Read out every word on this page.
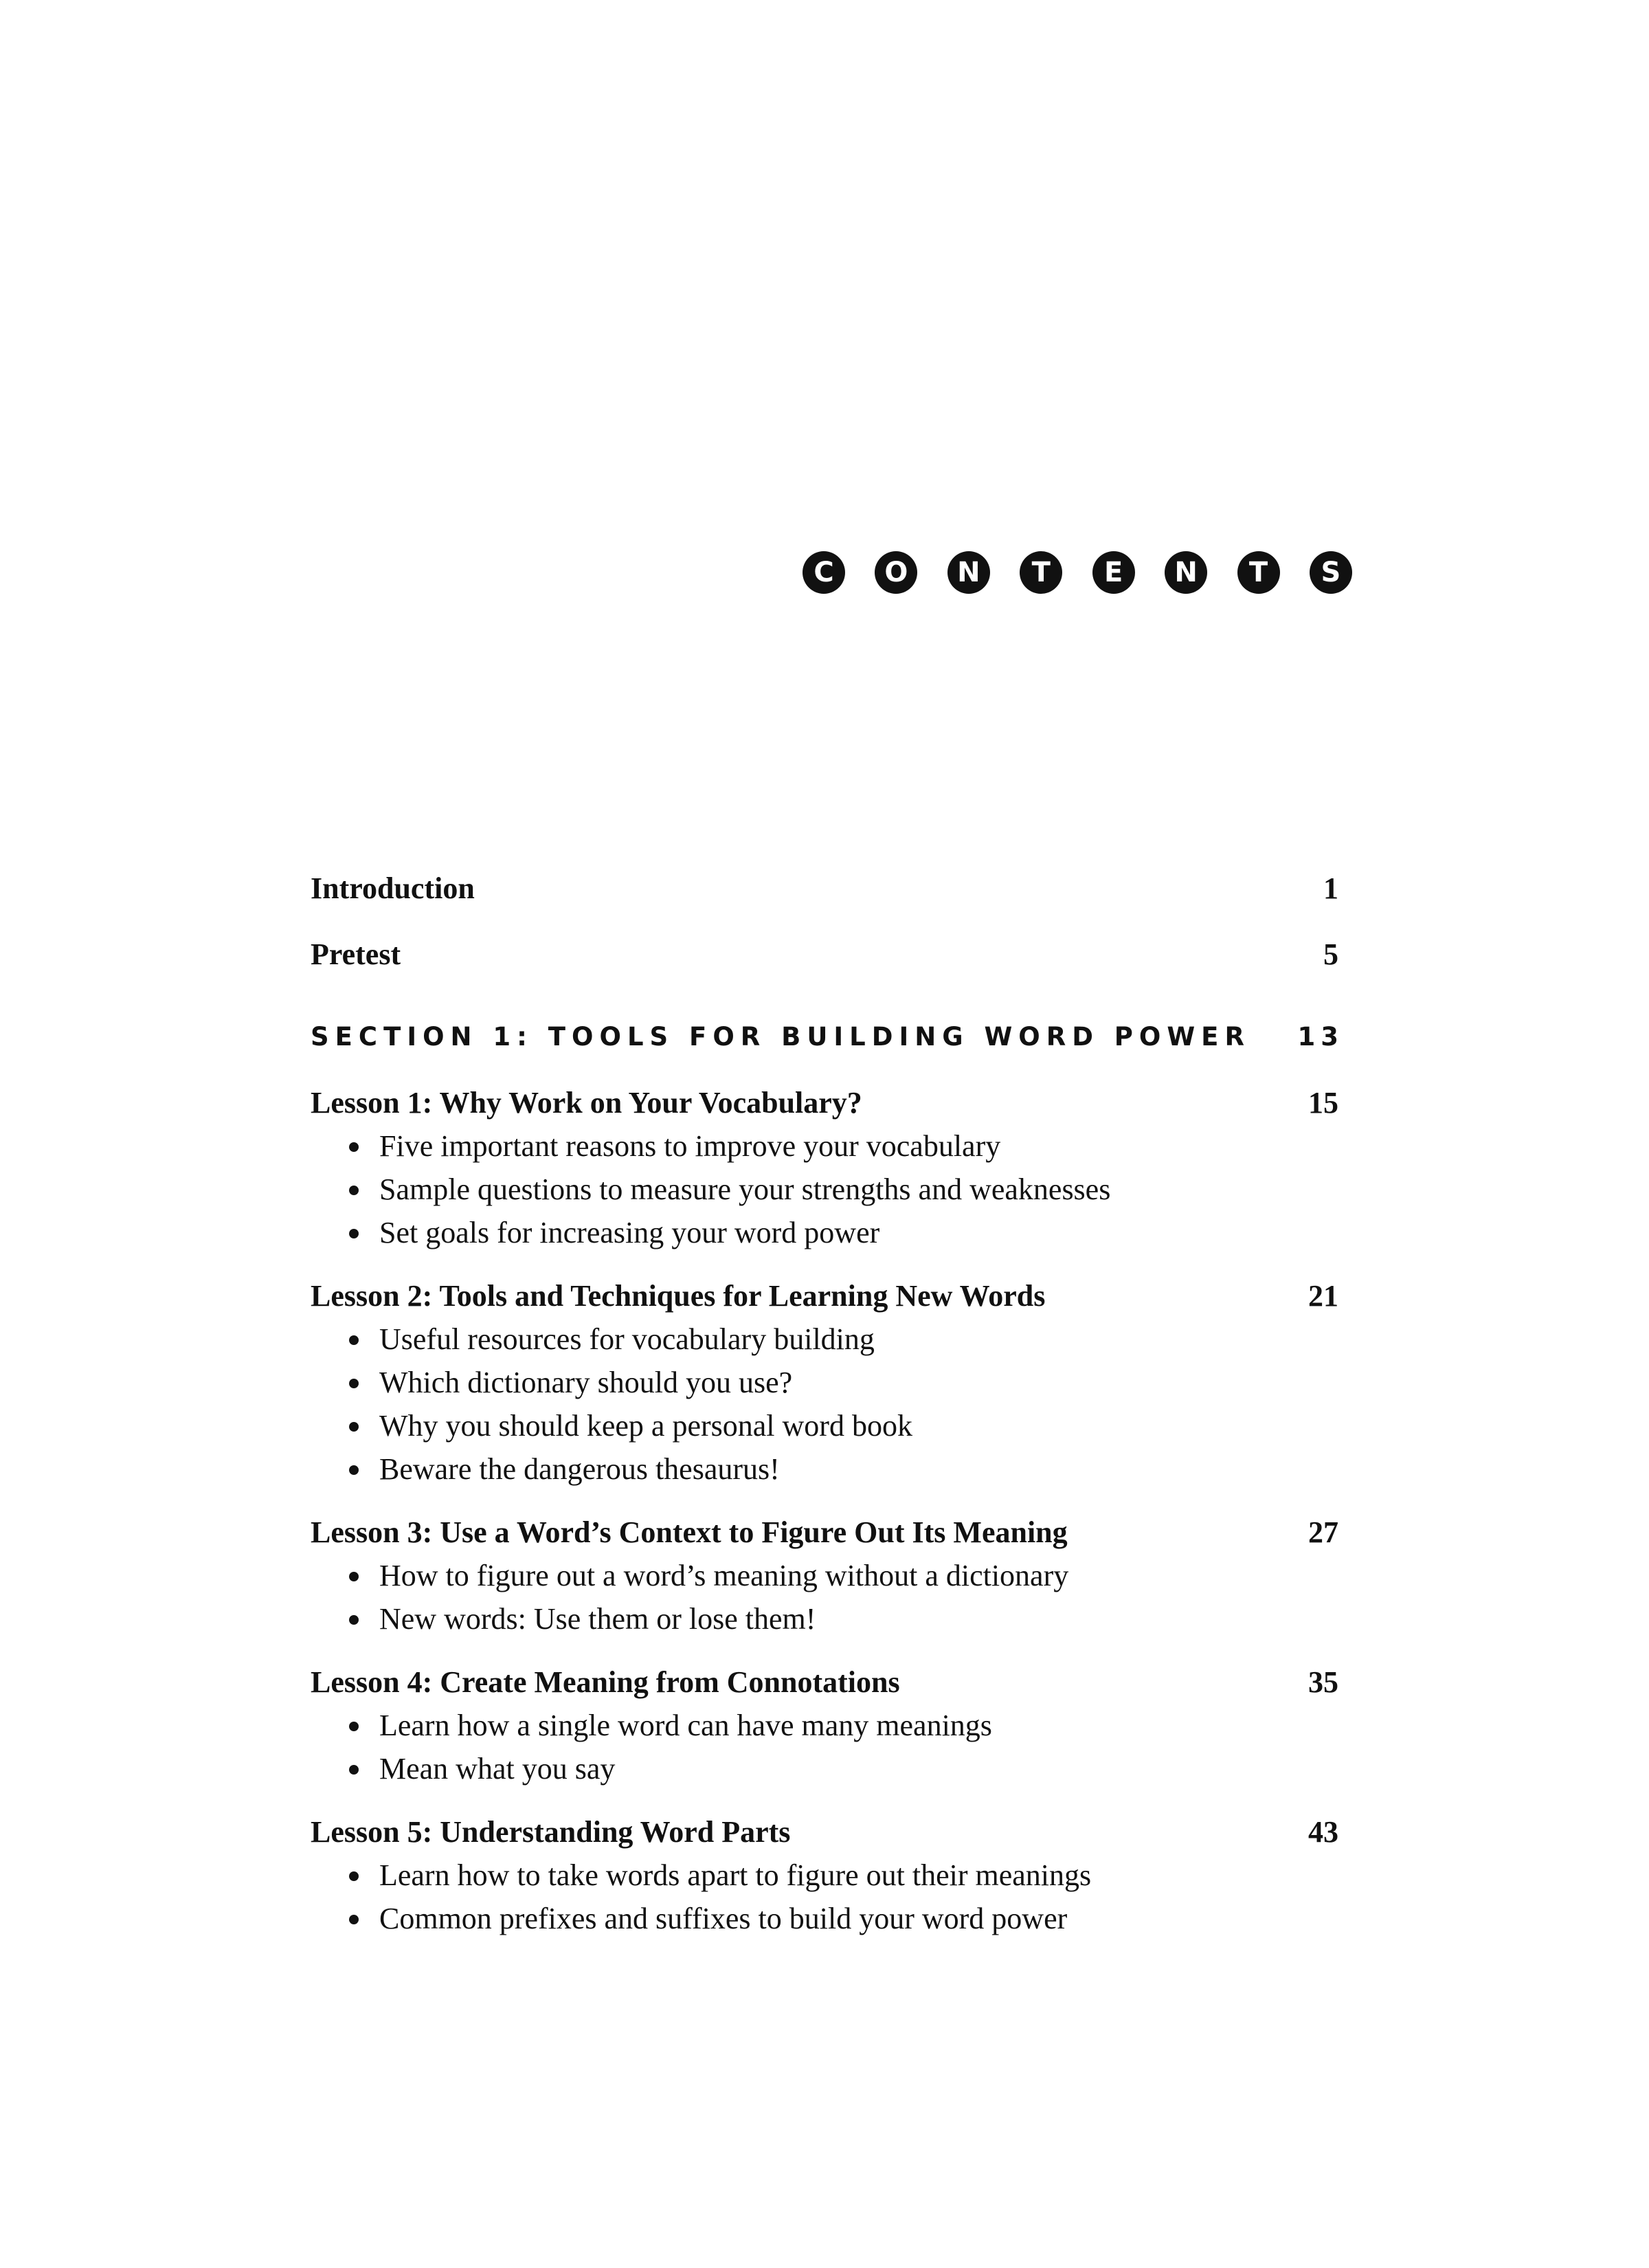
C	O	N	T	E	N	T	S
Introduction	1
Pretest	5
SECTION 1: TOOLS FOR BUILDING WORD POWER 13
Lesson 1: Why Work on Your Vocabulary?	15
Five important reasons to improve your vocabulary
Sample questions to measure your strengths and weaknesses
Set goals for increasing your word power
Lesson 2: Tools and Techniques for Learning New Words	21
Useful resources for vocabulary building
Which dictionary should you use?
Why you should keep a personal word book
Beware the dangerous thesaurus!
Lesson 3: Use a Word’s Context to Figure Out Its Meaning	27
How to figure out a word’s meaning without a dictionary
New words: Use them or lose them!
Lesson 4: Create Meaning from Connotations	35
Learn how a single word can have many meanings
Mean what you say
Lesson 5: Understanding Word Parts	43
Learn how to take words apart to figure out their meanings
Common prefixes and suffixes to build your word power
